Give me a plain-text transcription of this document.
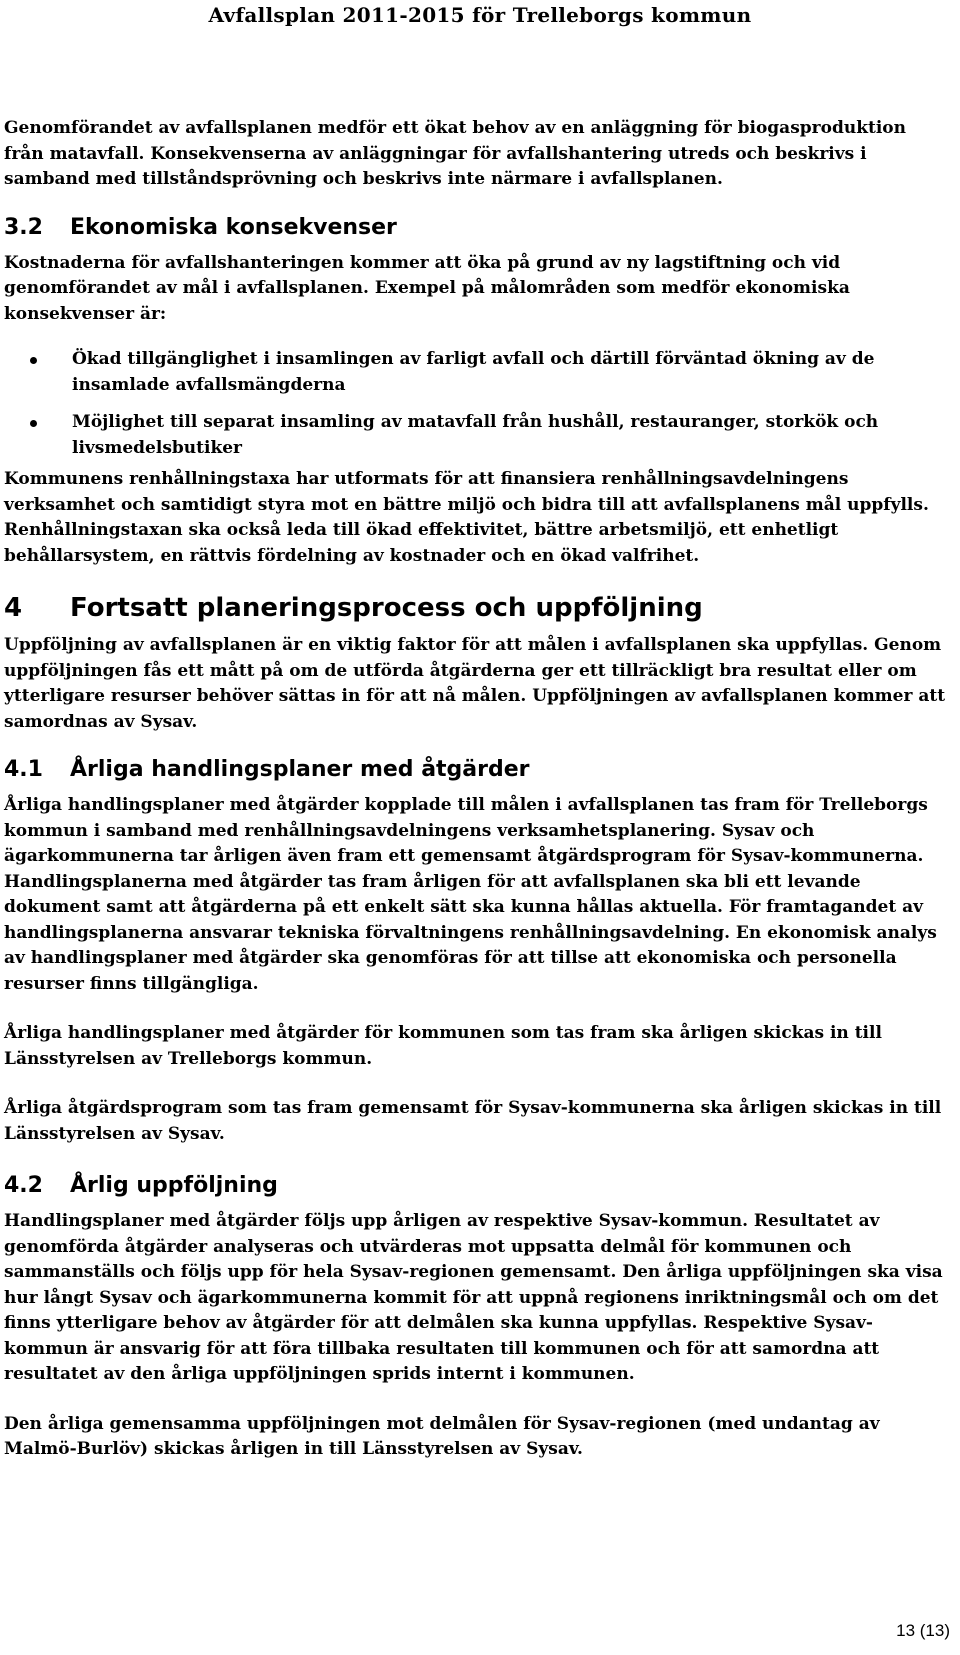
Avfallsplan 2011-2015 för Trelleborgs kommun

Genomförandet av avfallsplanen medför ett ökat behov av en anläggning för biogasproduktion från matavfall. Konsekvenserna av anläggningar för avfallshantering utreds och beskrivs i samband med tillståndsprövning och beskrivs inte närmare i avfallsplanen.

3.2 Ekonomiska konsekvenser

Kostnaderna för avfallshanteringen kommer att öka på grund av ny lagstiftning och vid genomförandet av mål i avfallsplanen. Exempel på målområden som medför ekonomiska konsekvenser är:

Ökad tillgänglighet i insamlingen av farligt avfall och därtill förväntad ökning av de insamlade avfallsmängderna
Möjlighet till separat insamling av matavfall från hushåll, restauranger, storkök och livsmedelsbutiker

Kommunens renhållningstaxa har utformats för att finansiera renhållningsavdelningens verksamhet och samtidigt styra mot en bättre miljö och bidra till att avfallsplanens mål uppfylls. Renhållningstaxan ska också leda till ökad effektivitet, bättre arbetsmiljö, ett enhetligt behållarsystem, en rättvis fördelning av kostnader och en ökad valfrihet.

4 Fortsatt planeringsprocess och uppföljning

Uppföljning av avfallsplanen är en viktig faktor för att målen i avfallsplanen ska uppfyllas. Genom uppföljningen fås ett mått på om de utförda åtgärderna ger ett tillräckligt bra resultat eller om ytterligare resurser behöver sättas in för att nå målen. Uppföljningen av avfallsplanen kommer att samordnas av Sysav.

4.1 Årliga handlingsplaner med åtgärder

Årliga handlingsplaner med åtgärder kopplade till målen i avfallsplanen tas fram för Trelleborgs kommun i samband med renhållningsavdelningens verksamhetsplanering. Sysav och ägarkommunerna tar årligen även fram ett gemensamt åtgärdsprogram för Sysav-kommunerna. Handlingsplanerna med åtgärder tas fram årligen för att avfallsplanen ska bli ett levande dokument samt att åtgärderna på ett enkelt sätt ska kunna hållas aktuella. För framtagandet av handlingsplanerna ansvarar tekniska förvaltningens renhållningsavdelning. En ekonomisk analys av handlingsplaner med åtgärder ska genomföras för att tillse att ekonomiska och personella resurser finns tillgängliga.

Årliga handlingsplaner med åtgärder för kommunen som tas fram ska årligen skickas in till Länsstyrelsen av Trelleborgs kommun.

Årliga åtgärdsprogram som tas fram gemensamt för Sysav-kommunerna ska årligen skickas in till Länsstyrelsen av Sysav.

4.2 Årlig uppföljning

Handlingsplaner med åtgärder följs upp årligen av respektive Sysav-kommun. Resultatet av genomförda åtgärder analyseras och utvärderas mot uppsatta delmål för kommunen och sammanställs och följs upp för hela Sysav-regionen gemensamt. Den årliga uppföljningen ska visa hur långt Sysav och ägarkommunerna kommit för att uppnå regionens inriktningsmål och om det finns ytterligare behov av åtgärder för att delmålen ska kunna uppfyllas. Respektive Sysav-kommun är ansvarig för att föra tillbaka resultaten till kommunen och för att samordna att resultatet av den årliga uppföljningen sprids internt i kommunen.

Den årliga gemensamma uppföljningen mot delmålen för Sysav-regionen (med undantag av Malmö-Burlöv) skickas årligen in till Länsstyrelsen av Sysav.

13 (13)
